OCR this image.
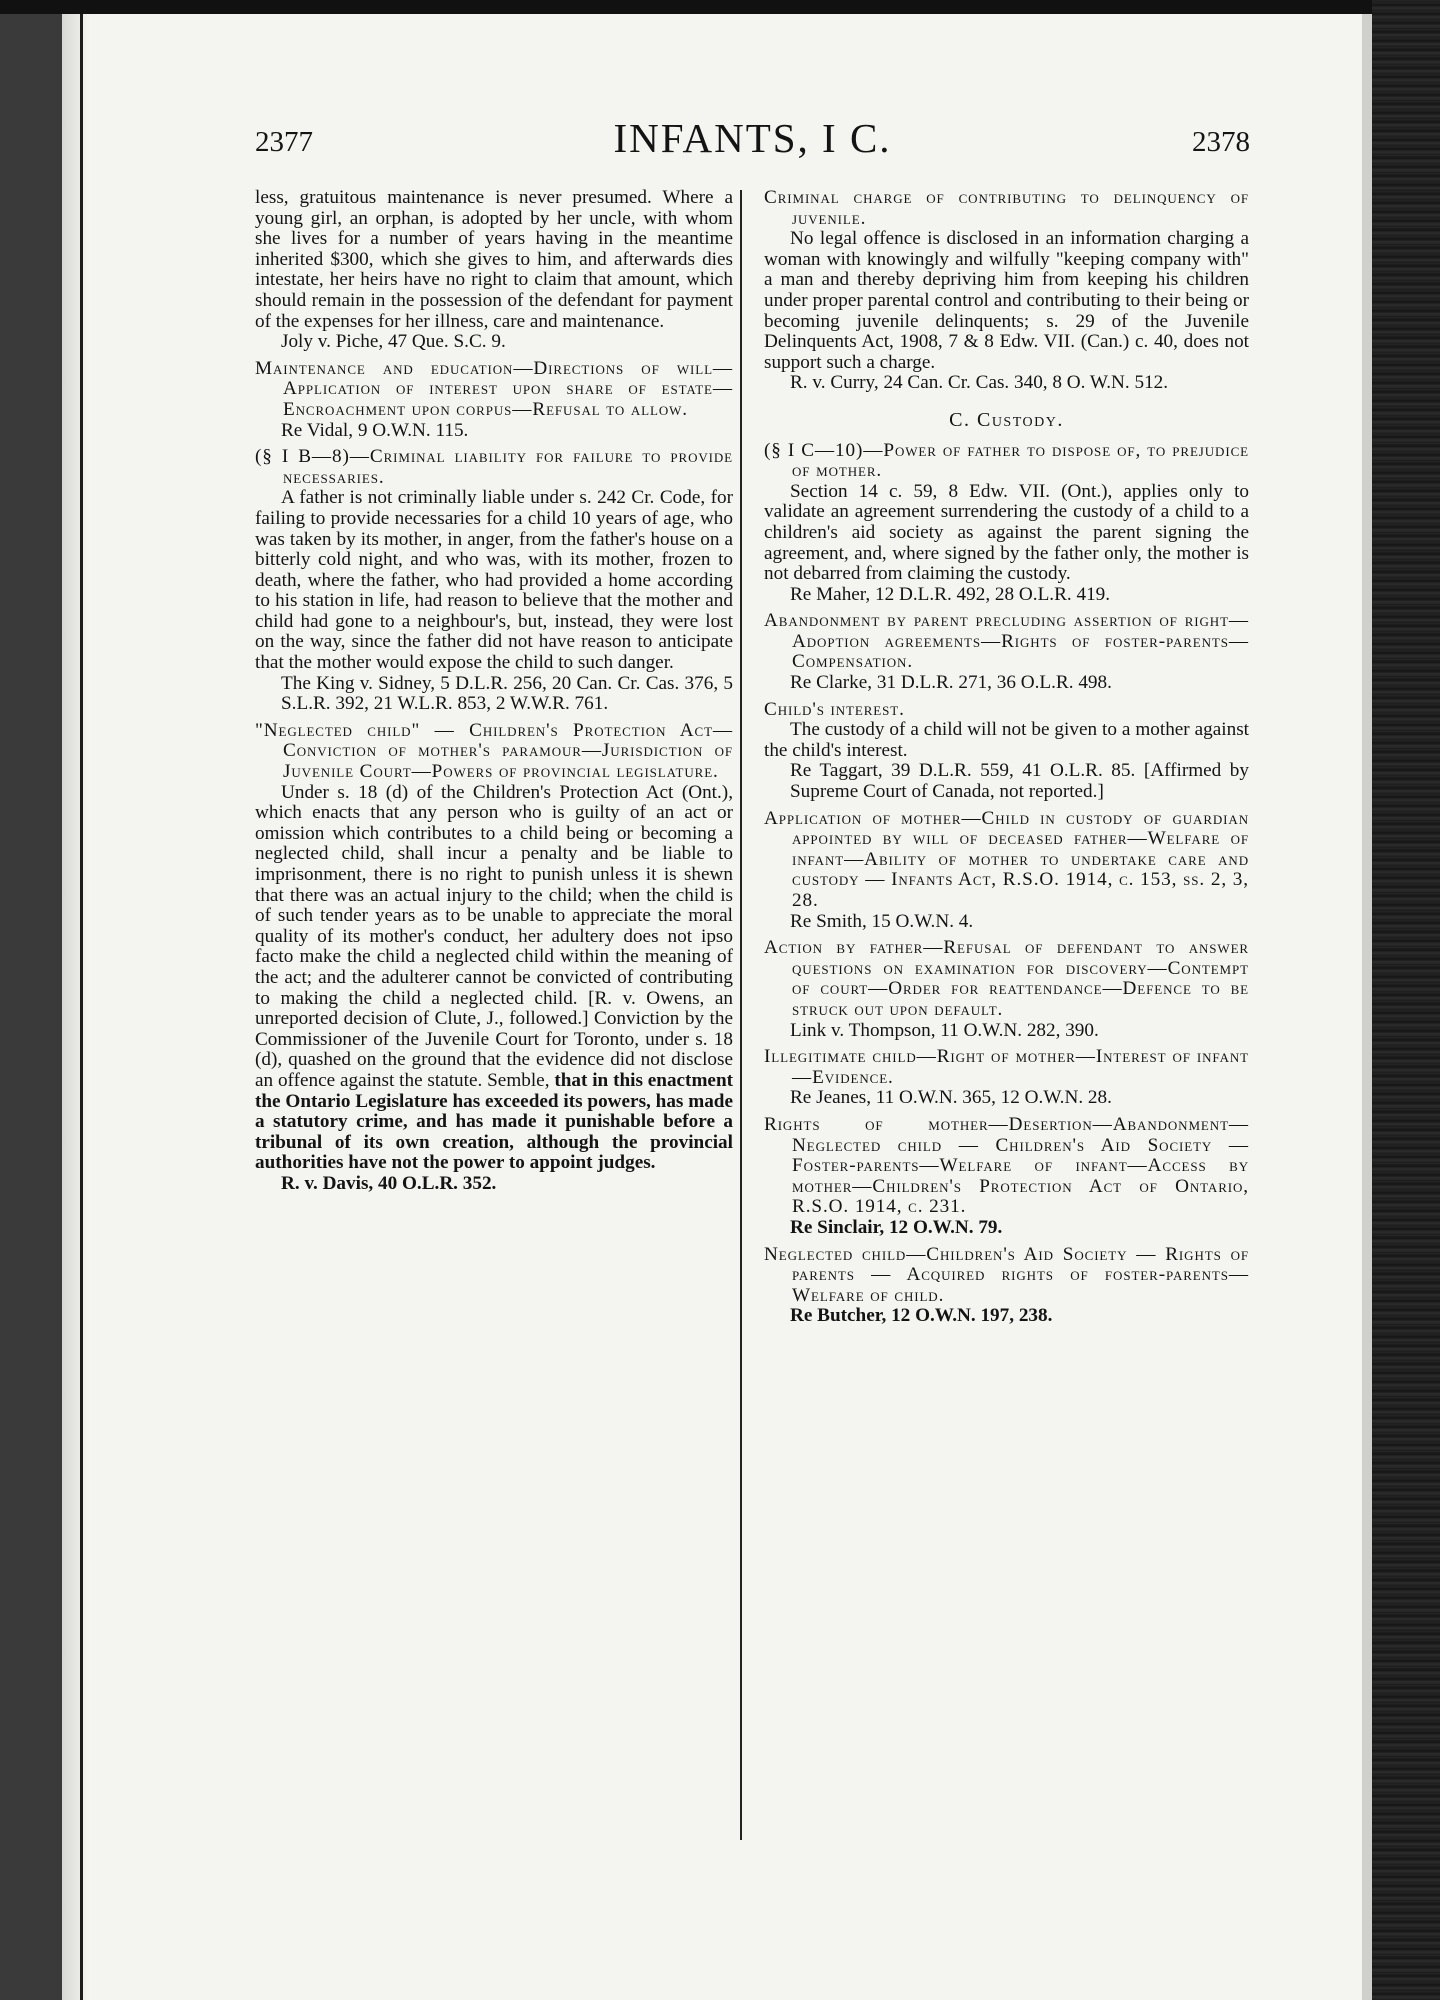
2377	INFANTS, I C.	2378

less, gratuitous maintenance is never presumed. Where a young girl, an orphan, is adopted by her uncle, with whom she lives for a number of years having in the meantime inherited $300, which she gives to him, and afterwards dies intestate, her heirs have no right to claim that amount, which should remain in the possession of the defendant for payment of the expenses for her illness, care and maintenance.

Joly v. Piche, 47 Que. S.C. 9.

Maintenance and education—Directions of will—Application of interest upon share of estate—Encroachment upon corpus—Refusal to allow.

Re Vidal, 9 O.W.N. 115.

(§ I B—8)—Criminal liability for failure to provide necessaries.

A father is not criminally liable under s. 242 Cr. Code, for failing to provide necessaries for a child 10 years of age, who was taken by its mother, in anger, from the father's house on a bitterly cold night, and who was, with its mother, frozen to death, where the father, who had provided a home according to his station in life, had reason to believe that the mother and child had gone to a neighbour's, but, instead, they were lost on the way, since the father did not have reason to anticipate that the mother would expose the child to such danger.

The King v. Sidney, 5 D.L.R. 256, 20 Can. Cr. Cas. 376, 5 S.L.R. 392, 21 W.L.R. 853, 2 W.W.R. 761.

"Neglected child" — Children's Protection Act—Conviction of mother's paramour—Jurisdiction of Juvenile Court—Powers of provincial legislature.

Under s. 18 (d) of the Children's Protection Act (Ont.), which enacts that any person who is guilty of an act or omission which contributes to a child being or becoming a neglected child, shall incur a penalty and be liable to imprisonment, there is no right to punish unless it is shewn that there was an actual injury to the child; when the child is of such tender years as to be unable to appreciate the moral quality of its mother's conduct, her adultery does not ipso facto make the child a neglected child within the meaning of the act; and the adulterer cannot be convicted of contributing to making the child a neglected child. [R. v. Owens, an unreported decision of Clute, J., followed.] Conviction by the Commissioner of the Juvenile Court for Toronto, under s. 18 (d), quashed on the ground that the evidence did not disclose an offence against the statute. Semble, that in this enactment the Ontario Legislature has exceeded its powers, has made a statutory crime, and has made it punishable before a tribunal of its own creation, although the provincial authorities have not the power to appoint judges.

R. v. Davis, 40 O.L.R. 352.

Criminal charge of contributing to delinquency of juvenile.

No legal offence is disclosed in an information charging a woman with knowingly and wilfully "keeping company with" a man and thereby depriving him from keeping his children under proper parental control and contributing to their being or becoming juvenile delinquents; s. 29 of the Juvenile Delinquents Act, 1908, 7 & 8 Edw. VII. (Can.) c. 40, does not support such a charge.

R. v. Curry, 24 Can. Cr. Cas. 340, 8 O. W.N. 512.

C. Custody.

(§ I C—10)—Power of father to dispose of, to prejudice of mother.

Section 14 c. 59, 8 Edw. VII. (Ont.), applies only to validate an agreement surrendering the custody of a child to a children's aid society as against the parent signing the agreement, and, where signed by the father only, the mother is not debarred from claiming the custody.

Re Maher, 12 D.L.R. 492, 28 O.L.R. 419.

Abandonment by parent precluding assertion of right—Adoption agreements—Rights of foster-parents—Compensation.

Re Clarke, 31 D.L.R. 271, 36 O.L.R. 498.

Child's interest.

The custody of a child will not be given to a mother against the child's interest.

Re Taggart, 39 D.L.R. 559, 41 O.L.R. 85. [Affirmed by Supreme Court of Canada, not reported.]

Application of mother—Child in custody of guardian appointed by will of deceased father—Welfare of infant—Ability of mother to undertake care and custody — Infants Act, R.S.O. 1914, c. 153, ss. 2, 3, 28.

Re Smith, 15 O.W.N. 4.

Action by father—Refusal of defendant to answer questions on examination for discovery—Contempt of court—Order for reattendance—Defence to be struck out upon default.

Link v. Thompson, 11 O.W.N. 282, 390.

Illegitimate child—Right of mother—Interest of infant—Evidence.

Re Jeanes, 11 O.W.N. 365, 12 O.W.N. 28.

Rights of mother—Desertion—Abandonment—Neglected child — Children's Aid Society — Foster-parents—Welfare of infant—Access by mother—Children's Protection Act of Ontario, R.S.O. 1914, c. 231.

Re Sinclair, 12 O.W.N. 79.

Neglected child—Children's Aid Society — Rights of parents — Acquired rights of foster-parents—Welfare of child.

Re Butcher, 12 O.W.N. 197, 238.
